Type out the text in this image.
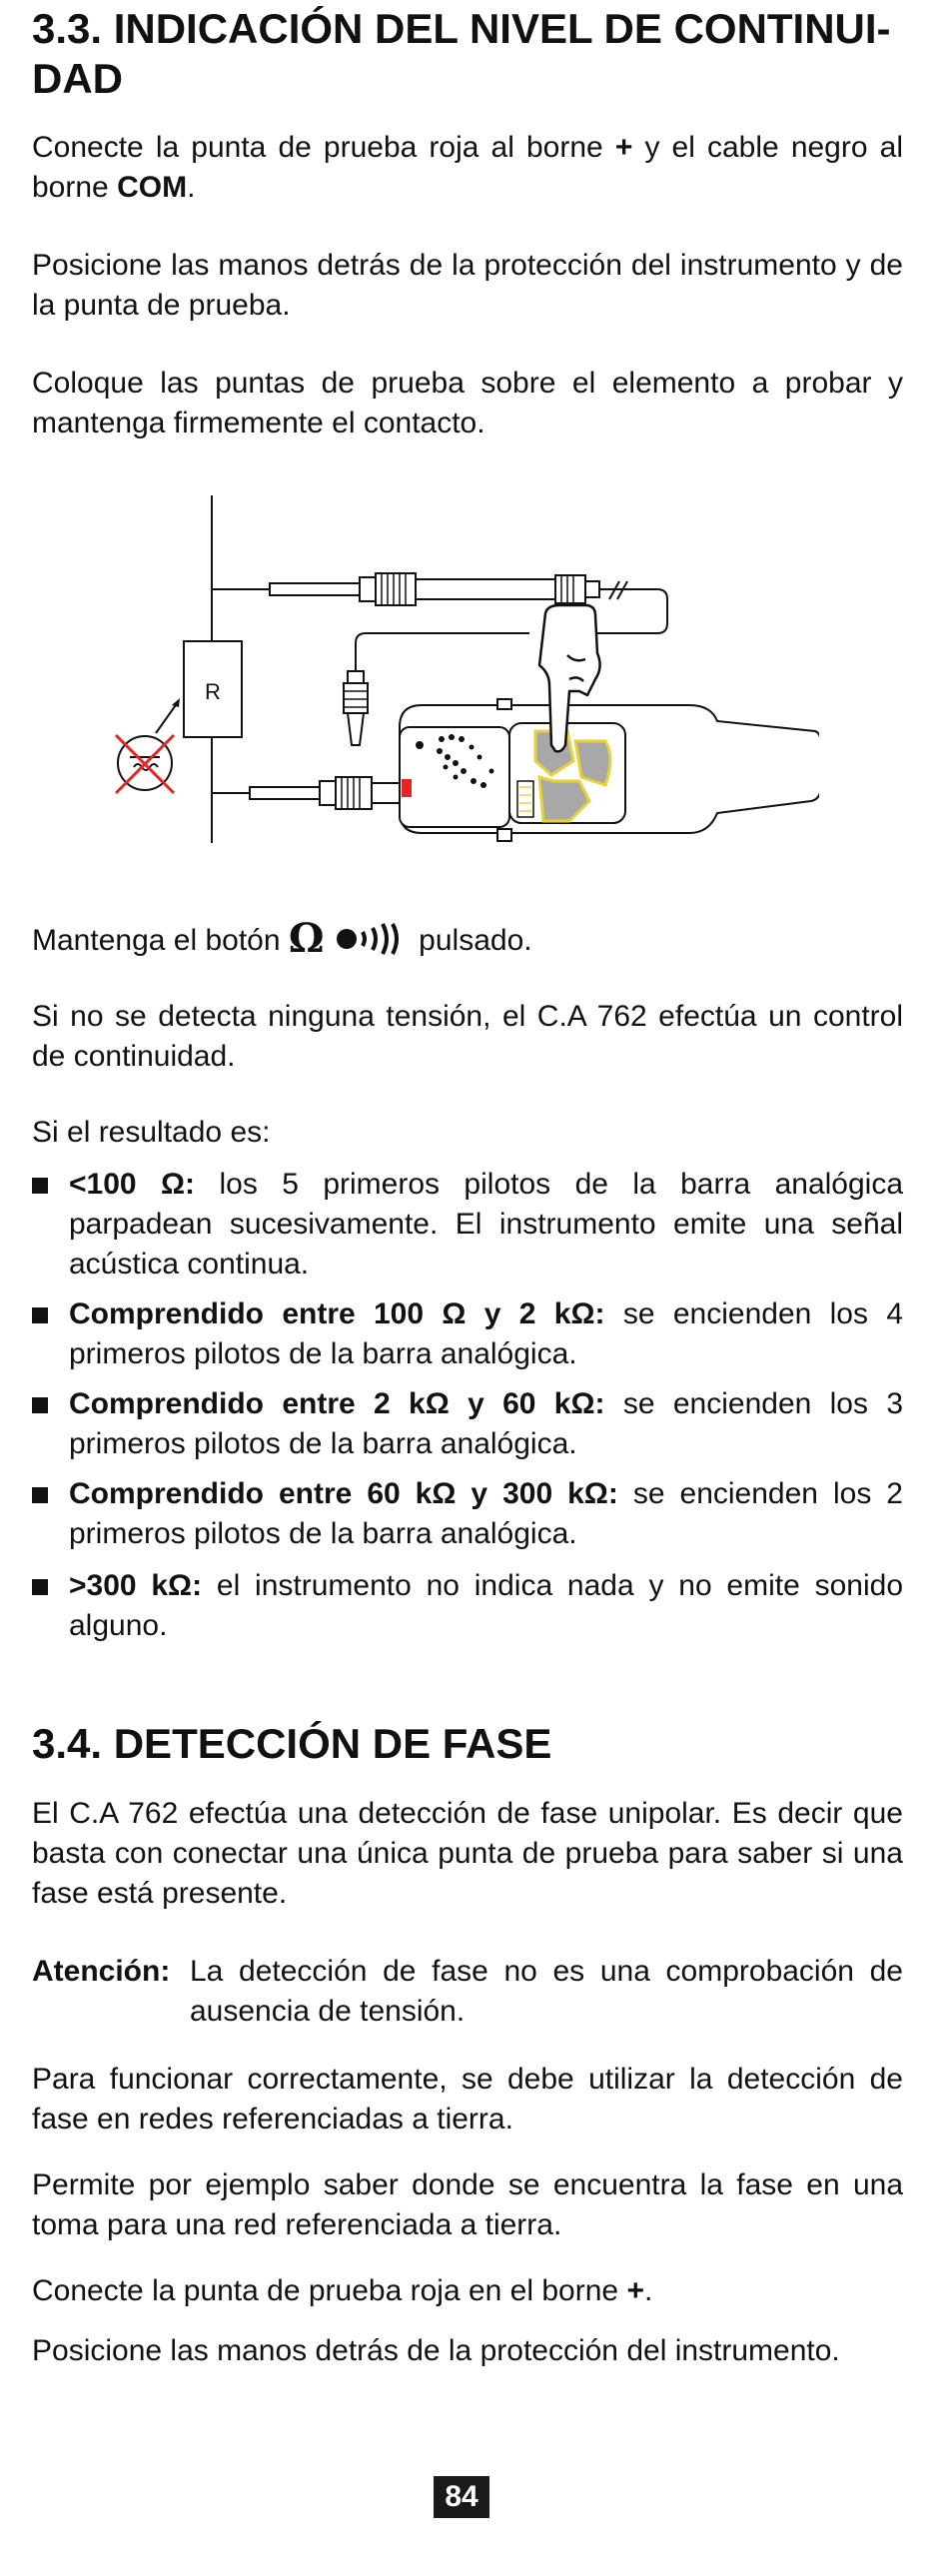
3.3. INDICACIÓN DEL NIVEL DE CONTINUI-
DAD

Conecte la punta de prueba roja al borne + y el cable negro al borne COM.

Posicione las manos detrás de la protección del instrumento y de la punta de prueba.

Coloque las puntas de prueba sobre el elemento a probar y mantenga firmemente el contacto.

R

Mantenga el botón Ω	pulsado.

Si no se detecta ninguna tensión, el C.A 762 efectúa un control de continuidad.

Si el resultado es:

<100 Ω: los 5 primeros pilotos de la barra analógica parpadean sucesivamente. El instrumento emite una señal acústica continua.
Comprendido entre 100 Ω y 2 kΩ: se encienden los 4 primeros pilotos de la barra analógica.
Comprendido entre 2 kΩ y 60 kΩ: se encienden los 3 primeros pilotos de la barra analógica.
Comprendido entre 60 kΩ y 300 kΩ: se encienden los 2 primeros pilotos de la barra analógica.
>300 kΩ: el instrumento no indica nada y no emite sonido alguno.
3.4. DETECCIÓN DE FASE

El C.A 762 efectúa una detección de fase unipolar. Es decir que basta con conectar una única punta de prueba para saber si una fase está presente.

Atención: La detección de fase no es una comprobación de ausencia de tensión.

Para funcionar correctamente, se debe utilizar la detección de fase en redes referenciadas a tierra.

Permite por ejemplo saber donde se encuentra la fase en una toma para una red referenciada a tierra.

Conecte la punta de prueba roja en el borne +.

Posicione las manos detrás de la protección del instrumento.

84
